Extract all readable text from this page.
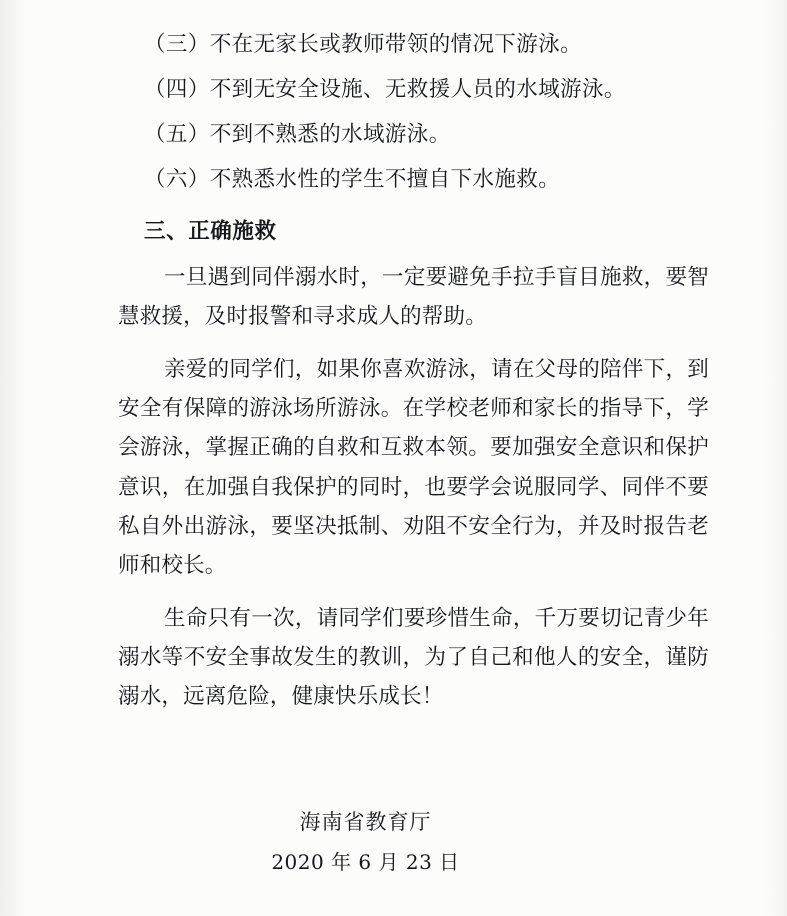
（三）不在无家长或教师带领的情况下游泳。

（四）不到无安全设施、无救援人员的水域游泳。

（五）不到不熟悉的水域游泳。

（六）不熟悉水性的学生不擅自下水施救。

三、正确施救

一旦遇到同伴溺水时，一定要避免手拉手盲目施救，要智慧救援，及时报警和寻求成人的帮助。

亲爱的同学们，如果你喜欢游泳，请在父母的陪伴下，到安全有保障的游泳场所游泳。在学校老师和家长的指导下，学会游泳，掌握正确的自救和互救本领。要加强安全意识和保护意识，在加强自我保护的同时，也要学会说服同学、同伴不要私自外出游泳，要坚决抵制、劝阻不安全行为，并及时报告老师和校长。

生命只有一次，请同学们要珍惜生命，千万要切记青少年溺水等不安全事故发生的教训，为了自己和他人的安全，谨防溺水，远离危险，健康快乐成长！

海南省教育厅
2020 年 6 月 23 日
